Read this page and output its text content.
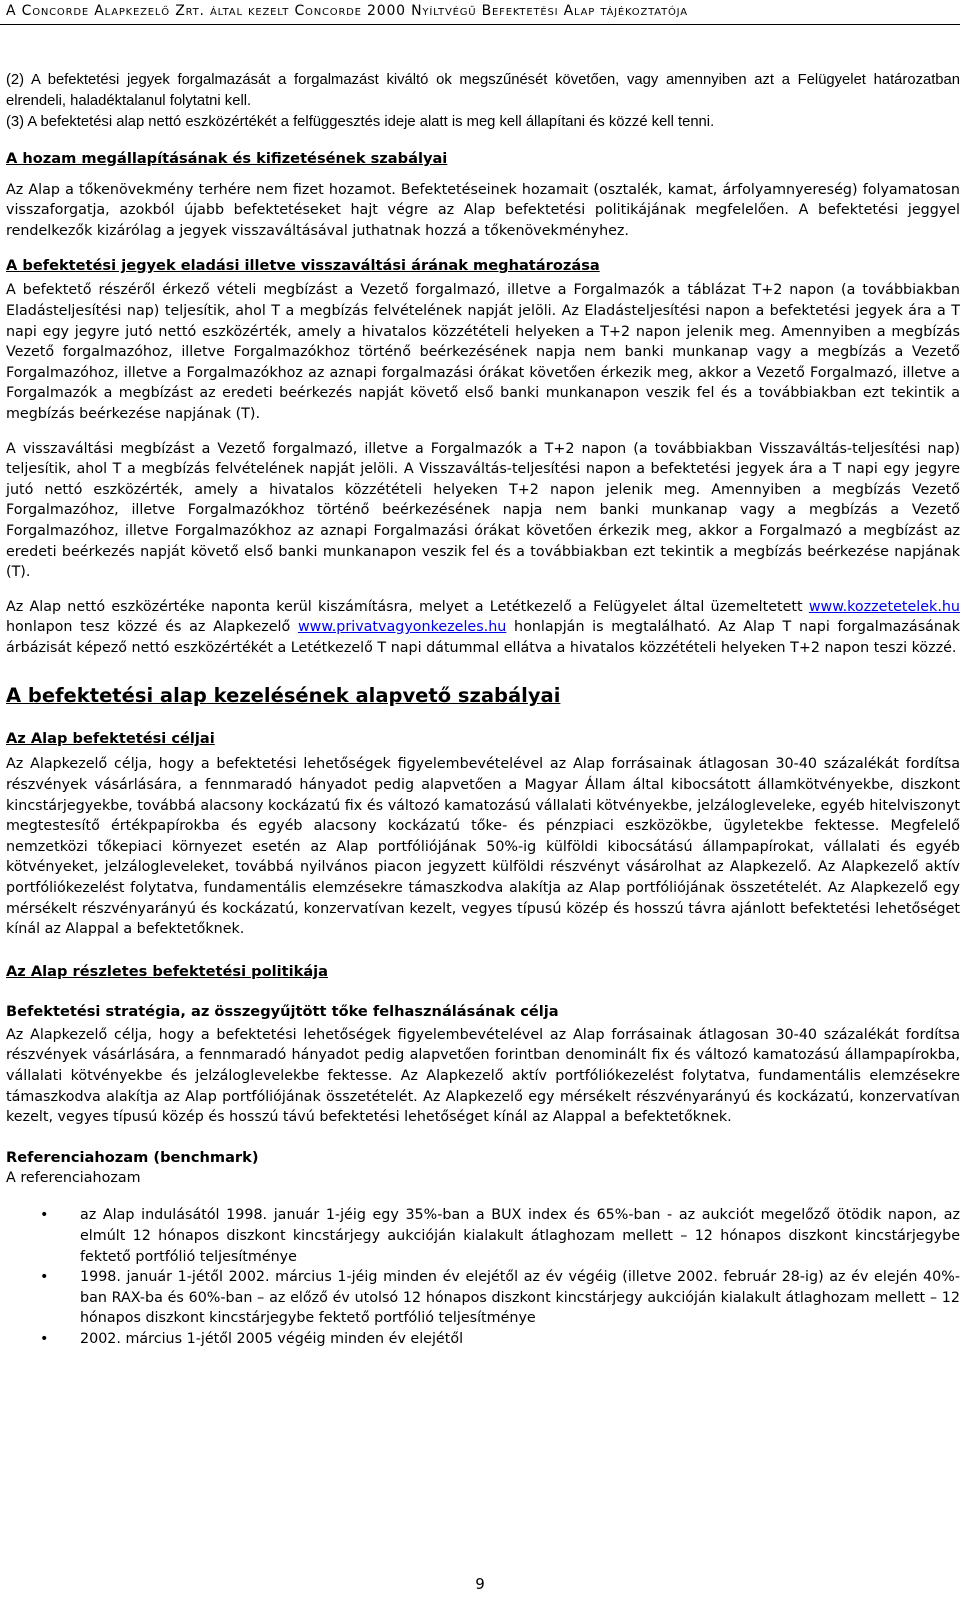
A Concorde Alapkezelő Zrt. által kezelt Concorde 2000 Nyíltvégű Befektetési Alap tájékoztatója

(2) A befektetési jegyek forgalmazását a forgalmazást kiváltó ok megszűnését követően, vagy amennyiben azt a Felügyelet határozatban elrendeli, haladéktalanul folytatni kell.

(3) A befektetési alap nettó eszközértékét a felfüggesztés ideje alatt is meg kell állapítani és közzé kell tenni.

A hozam megállapításának és kifizetésének szabályai

Az Alap a tőkenövekmény terhére nem fizet hozamot. Befektetéseinek hozamait (osztalék, kamat, árfolyamnyereség) folyamatosan visszaforgatja, azokból újabb befektetéseket hajt végre az Alap befektetési politikájának megfelelően. A befektetési jeggyel rendelkezők kizárólag a jegyek visszaváltásával juthatnak hozzá a tőkenövekményhez.

A befektetési jegyek eladási illetve visszaváltási árának meghatározása

A befektető részéről érkező vételi megbízást a Vezető forgalmazó, illetve a Forgalmazók a táblázat T+2 napon (a továbbiakban Eladásteljesítési nap) teljesítik, ahol T a megbízás felvételének napját jelöli. Az Eladásteljesítési napon a befektetési jegyek ára a T napi egy jegyre jutó nettó eszközérték, amely a hivatalos közzétételi helyeken a T+2 napon jelenik meg. Amennyiben a megbízás Vezető forgalmazóhoz, illetve Forgalmazókhoz történő beérkezésének napja nem banki munkanap vagy a megbízás a Vezető Forgalmazóhoz, illetve a Forgalmazókhoz az aznapi forgalmazási órákat követően érkezik meg, akkor a Vezető Forgalmazó, illetve a Forgalmazók a megbízást az eredeti beérkezés napját követő első banki munkanapon veszik fel és a továbbiakban ezt tekintik a megbízás beérkezése napjának (T).

A visszaváltási megbízást a Vezető forgalmazó, illetve a Forgalmazók a T+2 napon (a továbbiakban Visszaváltás-teljesítési nap) teljesítik, ahol T a megbízás felvételének napját jelöli. A Visszaváltás-teljesítési napon a befektetési jegyek ára a T napi egy jegyre jutó nettó eszközérték, amely a hivatalos közzétételi helyeken T+2 napon jelenik meg. Amennyiben a megbízás Vezető Forgalmazóhoz, illetve Forgalmazókhoz történő beérkezésének napja nem banki munkanap vagy a megbízás a Vezető Forgalmazóhoz, illetve Forgalmazókhoz az aznapi Forgalmazási órákat követően érkezik meg, akkor a Forgalmazó a megbízást az eredeti beérkezés napját követő első banki munkanapon veszik fel és a továbbiakban ezt tekintik a megbízás beérkezése napjának (T).

Az Alap nettó eszközértéke naponta kerül kiszámításra, melyet a Letétkezelő a Felügyelet által üzemeltetett www.kozzetetelek.hu honlapon tesz közzé és az Alapkezelő www.privatvagyonkezeles.hu honlapján is megtalálható. Az Alap T napi forgalmazásának árbázisát képező nettó eszközértékét a Letétkezelő T napi dátummal ellátva a hivatalos közzétételi helyeken T+2 napon teszi közzé.

A befektetési alap kezelésének alapvető szabályai

Az Alap befektetési céljai

Az Alapkezelő célja, hogy a befektetési lehetőségek figyelembevételével az Alap forrásainak átlagosan 30-40 százalékát fordítsa részvények vásárlására, a fennmaradó hányadot pedig alapvetően a Magyar Állam által kibocsátott államkötvényekbe, diszkont kincstárjegyekbe, továbbá alacsony kockázatú fix és változó kamatozású vállalati kötvényekbe, jelzálogleveleke, egyéb hitelviszonyt megtestesítő értékpapírokba és egyéb alacsony kockázatú tőke- és pénzpiaci eszközökbe, ügyletekbe fektesse. Megfelelő nemzetközi tőkepiaci környezet esetén az Alap portfóliójának 50%-ig külföldi kibocsátású állampapírokat, vállalati és egyéb kötvényeket, jelzálogleveleket, továbbá nyilvános piacon jegyzett külföldi részvényt vásárolhat az Alapkezelő. Az Alapkezelő aktív portfóliókezelést folytatva, fundamentális elemzésekre támaszkodva alakítja az Alap portfóliójának összetételét. Az Alapkezelő egy mérsékelt részvényarányú és kockázatú, konzervatívan kezelt, vegyes típusú közép és hosszú távra ajánlott befektetési lehetőséget kínál az Alappal a befektetőknek.

Az Alap részletes befektetési politikája

Befektetési stratégia, az összegyűjtött tőke felhasználásának célja

Az Alapkezelő célja, hogy a befektetési lehetőségek figyelembevételével az Alap forrásainak átlagosan 30-40 százalékát fordítsa részvények vásárlására, a fennmaradó hányadot pedig alapvetően forintban denominált fix és változó kamatozású állampapírokba, vállalati kötvényekbe és jelzáloglevelekbe fektesse. Az Alapkezelő aktív portfóliókezelést folytatva, fundamentális elemzésekre támaszkodva alakítja az Alap portfóliójának összetételét. Az Alapkezelő egy mérsékelt részvényarányú és kockázatú, konzervatívan kezelt, vegyes típusú közép és hosszú távú befektetési lehetőséget kínál az Alappal a befektetőknek.

Referenciahozam (benchmark)

A referenciahozam

• az Alap indulásától 1998. január 1-jéig egy 35%-ban a BUX index és 65%-ban - az aukciót megelőző ötödik napon, az elmúlt 12 hónapos diszkont kincstárjegy aukcióján kialakult átlaghozam mellett – 12 hónapos diszkont kincstárjegybe fektető portfólió teljesítménye
• 1998. január 1-jétől 2002. március 1-jéig minden év elejétől az év végéig (illetve 2002. február 28-ig) az év elején 40%-ban RAX-ba és 60%-ban – az előző év utolsó 12 hónapos diszkont kincstárjegy aukcióján kialakult átlaghozam mellett – 12 hónapos diszkont kincstárjegybe fektető portfólió teljesítménye
• 2002. március 1-jétől 2005 végéig minden év elejétől
9
